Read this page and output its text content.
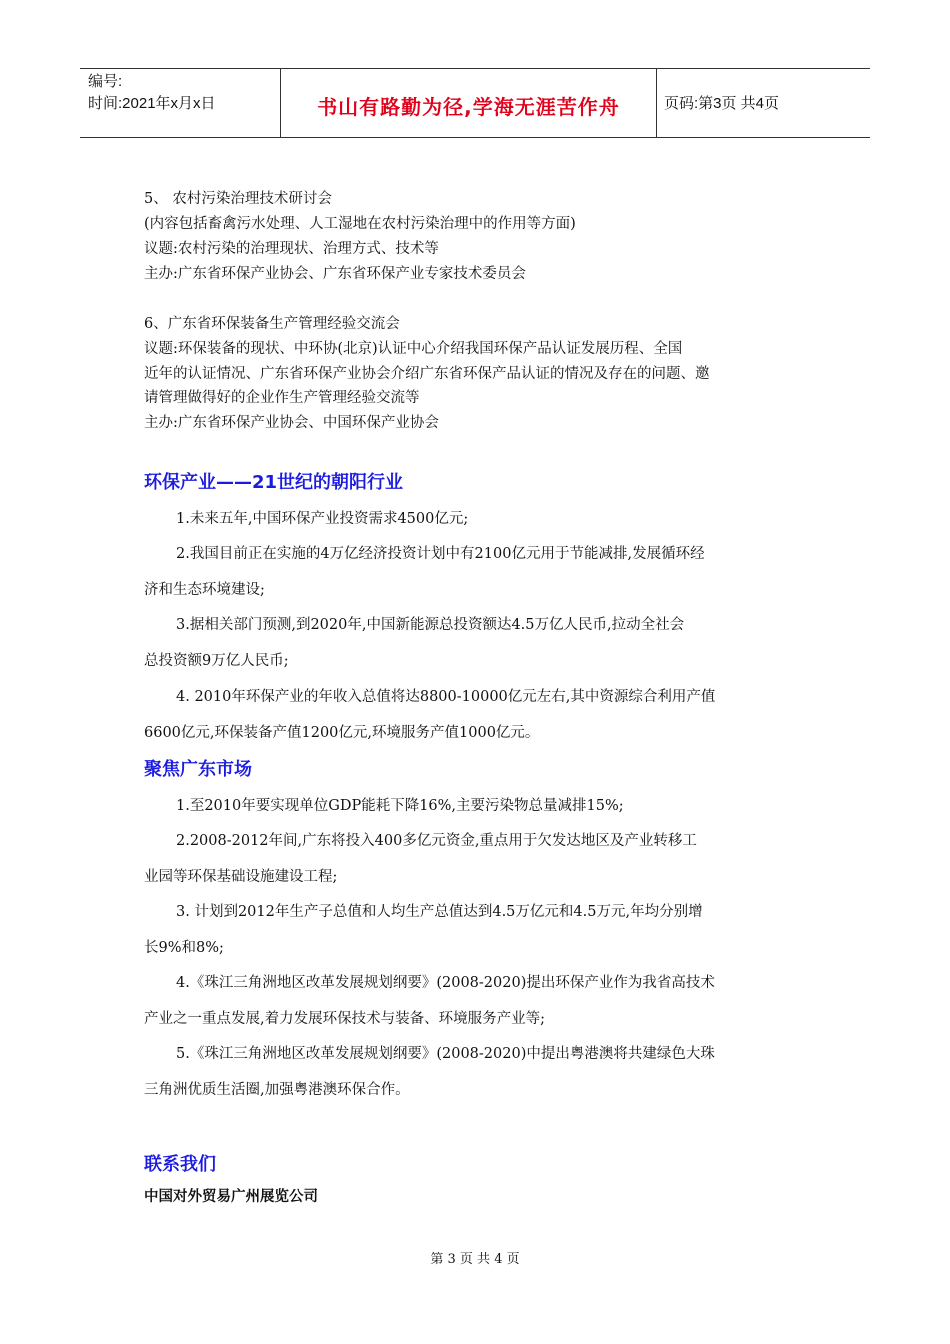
编号:
时间:2021年x月x日	书山有路勤为径,学海无涯苦作舟	页码:第3页 共4页
5、 农村污染治理技术研讨会
(内容包括畜禽污水处理、人工湿地在农村污染治理中的作用等方面)
议题:农村污染的治理现状、治理方式、技术等
主办:广东省环保产业协会、广东省环保产业专家技术委员会
6、广东省环保装备生产管理经验交流会
议题:环保装备的现状、中环协(北京)认证中心介绍我国环保产品认证发展历程、全国
近年的认证情况、广东省环保产业协会介绍广东省环保产品认证的情况及存在的问题、邀
请管理做得好的企业作生产管理经验交流等
主办:广东省环保产业协会、中国环保产业协会
环保产业——21世纪的朝阳行业
1.未来五年,中国环保产业投资需求4500亿元;
2.我国目前正在实施的4万亿经济投资计划中有2100亿元用于节能减排,发展循环经
济和生态环境建设;
3.据相关部门预测,到2020年,中国新能源总投资额达4.5万亿人民币,拉动全社会
总投资额9万亿人民币;
4. 2010年环保产业的年收入总值将达8800-10000亿元左右,其中资源综合利用产值
6600亿元,环保装备产值1200亿元,环境服务产值1000亿元。
聚焦广东市场
1.至2010年要实现单位GDP能耗下降16%,主要污染物总量减排15%;
2.2008-2012年间,广东将投入400多亿元资金,重点用于欠发达地区及产业转移工
业园等环保基础设施建设工程;
3. 计划到2012年生产子总值和人均生产总值达到4.5万亿元和4.5万元,年均分别增
长9%和8%;
4.《珠江三角洲地区改革发展规划纲要》(2008-2020)提出环保产业作为我省高技术
产业之一重点发展,着力发展环保技术与装备、环境服务产业等;
5.《珠江三角洲地区改革发展规划纲要》(2008-2020)中提出粤港澳将共建绿色大珠
三角洲优质生活圈,加强粤港澳环保合作。
联系我们
中国对外贸易广州展览公司
第 3 页 共 4 页
